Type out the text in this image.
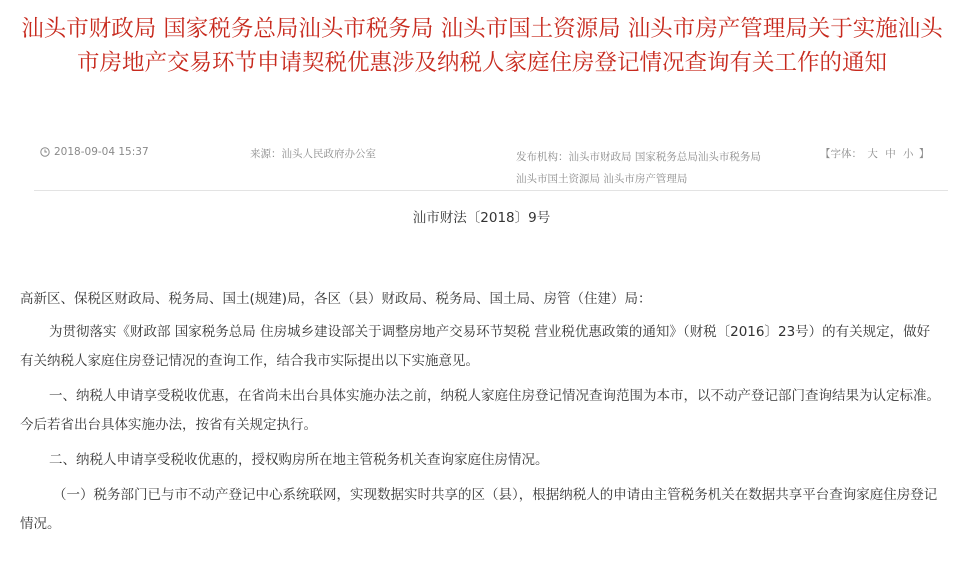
汕头市财政局 国家税务总局汕头市税务局 汕头市国土资源局 汕头市房产管理局关于实施汕头市房地产交易环节申请契税优惠涉及纳税人家庭住房登记情况查询有关工作的通知
2018-09-04 15:37	来源：汕头人民政府办公室	发布机构：汕头市财政局 国家税务总局汕头市税务局
汕头市国土资源局 汕头市房产管理局
【字体： 大 中 小 】
汕市财法〔2018〕9号

高新区、保税区财政局、税务局、国土(规建)局，各区（县）财政局、税务局、国土局、房管（住建）局：

为贯彻落实《财政部 国家税务总局 住房城乡建设部关于调整房地产交易环节契税 营业税优惠政策的通知》（财税〔2016〕23号）的有关规定，做好有关纳税人家庭住房登记情况的查询工作，结合我市实际提出以下实施意见。

一、纳税人申请享受税收优惠，在省尚未出台具体实施办法之前，纳税人家庭住房登记情况查询范围为本市，以不动产登记部门查询结果为认定标准。今后若省出台具体实施办法，按省有关规定执行。

二、纳税人申请享受税收优惠的，授权购房所在地主管税务机关查询家庭住房情况。

（一）税务部门已与市不动产登记中心系统联网，实现数据实时共享的区（县），根据纳税人的申请由主管税务机关在数据共享平台查询家庭住房登记情况。
